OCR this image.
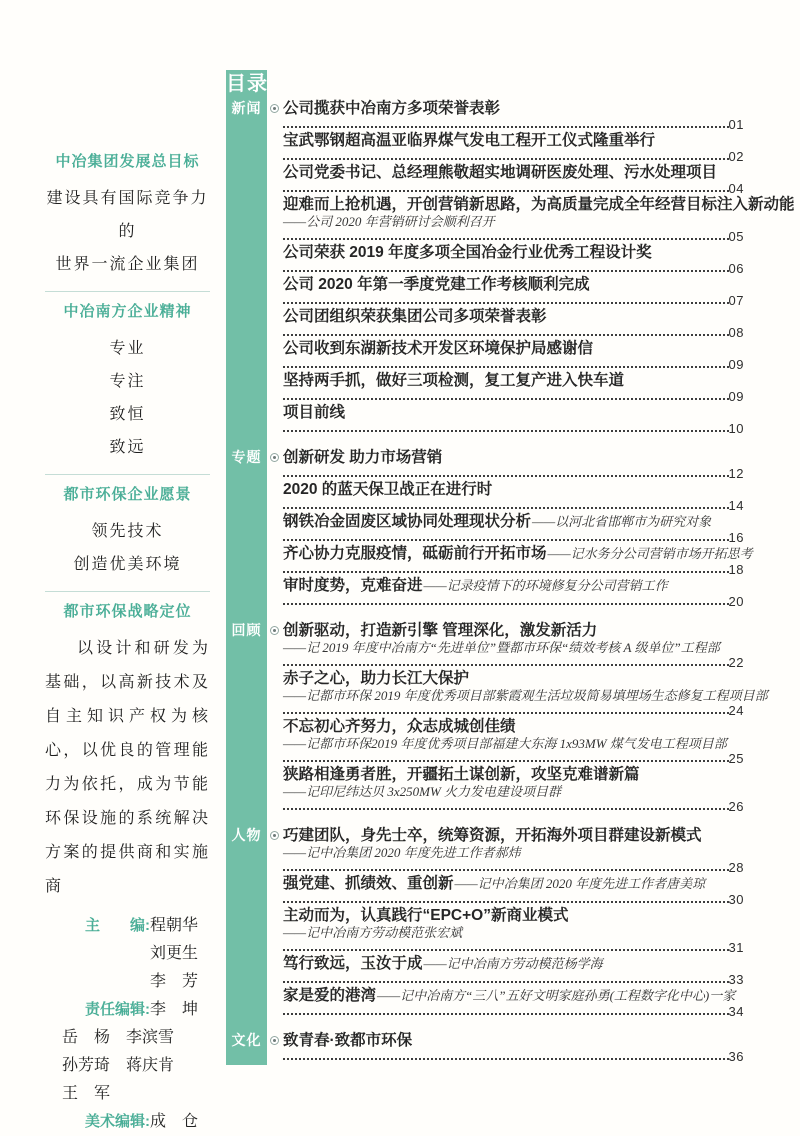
中冶集团发展总目标
建设具有国际竞争力的
世界一流企业集团
中冶南方企业精神
专业
专注
致恒
致远
都市环保企业愿景
领先技术
创造优美环境
都市环保战略定位

以设计和研发为基础，以高新技术及自主知识产权为核心，以优良的管理能力为依托，成为节能环保设施的系统解决方案的提供商和实施商

主　　编: 程朝华
刘更生
李　芳
责任编辑: 李　坤
岳　杨　李滨雪
孙芳琦　蒋庆肯
王　军
美术编辑: 成　仓
目录
新闻	公司揽获中冶南方多项荣誉表彰
01
宝武鄂钢超高温亚临界煤气发电工程开工仪式隆重举行
02
公司党委书记、总经理熊敬超实地调研医废处理、污水处理项目
04
迎难而上抢机遇，开创营销新思路，为高质量完成全年经营目标注入新动能
——公司 2020 年营销研讨会顺利召开
05
公司荣获 2019 年度多项全国冶金行业优秀工程设计奖
06
公司 2020 年第一季度党建工作考核顺利完成
07
公司团组织荣获集团公司多项荣誉表彰
08
公司收到东湖新技术开发区环境保护局感谢信
09
坚持两手抓，做好三项检测，复工复产进入快车道
09
项目前线
10
专题	创新研发 助力市场营销
12
2020 的蓝天保卫战正在进行时
14
钢铁冶金固废区域协同处理现状分析——以河北省邯郸市为研究对象
16
齐心协力克服疫情，砥砺前行开拓市场——记水务分公司营销市场开拓思考
18
审时度势，克难奋进——记录疫情下的环境修复分公司营销工作
20
回顾	创新驱动，打造新引擎 管理深化，激发新活力
——记 2019 年度中冶南方“先进单位”暨都市环保“绩效考核 A 级单位”工程部
22
赤子之心，助力长江大保护
——记都市环保 2019 年度优秀项目部紫霞观生活垃圾简易填埋场生态修复工程项目部
24
不忘初心齐努力，众志成城创佳绩
——记都市环保2019 年度优秀项目部福建大东海 1x93MW 煤气发电工程项目部
25
狭路相逢勇者胜，开疆拓土谋创新，攻坚克难谱新篇
——记印尼纬达贝 3x250MW 火力发电建设项目群
26
人物	巧建团队，身先士卒，统筹资源，开拓海外项目群建设新模式
——记中冶集团 2020 年度先进工作者郝炜
28
强党建、抓绩效、重创新——记中冶集团 2020 年度先进工作者唐美琼
30
主动而为，认真践行“EPC+O”新商业模式
——记中冶南方劳动模范张宏斌
31
笃行致远，玉汝于成——记中冶南方劳动模范杨学海
33
家是爱的港湾——记中冶南方“三八”五好文明家庭孙勇(工程数字化中心)一家
34
文化	致青春·致都市环保
36
